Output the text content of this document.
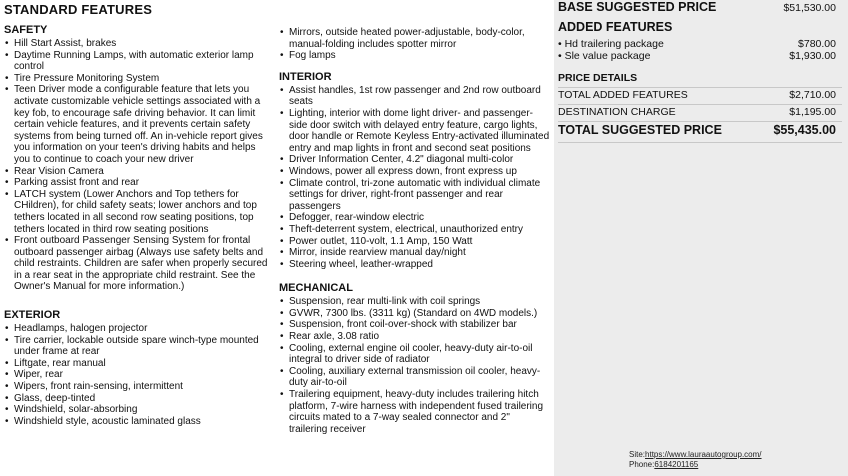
STANDARD FEATURES
SAFETY
• Hill Start Assist, brakes
• Daytime Running Lamps, with automatic exterior lamp control
• Tire Pressure Monitoring System
• Teen Driver mode a configurable feature that lets you activate customizable vehicle settings associated with a key fob, to encourage safe driving behavior. It can limit certain vehicle features, and it prevents certain safety systems from being turned off. An in-vehicle report gives you information on your teen's driving habits and helps you to continue to coach your new driver
• Rear Vision Camera
• Parking assist front and rear
• LATCH system (Lower Anchors and Top tethers for CHildren), for child safety seats; lower anchors and top tethers located in all second row seating positions, top tethers located in third row seating positions
• Front outboard Passenger Sensing System for frontal outboard passenger airbag (Always use safety belts and child restraints. Children are safer when properly secured in a rear seat in the appropriate child restraint. See the Owner's Manual for more information.)
EXTERIOR
• Headlamps, halogen projector
• Tire carrier, lockable outside spare winch-type mounted under frame at rear
• Liftgate, rear manual
• Wiper, rear
• Wipers, front rain-sensing, intermittent
• Glass, deep-tinted
• Windshield, solar-absorbing
• Windshield style, acoustic laminated glass
• Mirrors, outside heated power-adjustable, body-color, manual-folding includes spotter mirror
• Fog lamps
INTERIOR
• Assist handles, 1st row passenger and 2nd row outboard seats
• Lighting, interior with dome light driver- and passenger-side door switch with delayed entry feature, cargo lights, door handle or Remote Keyless Entry-activated illuminated entry and map lights in front and second seat positions
• Driver Information Center, 4.2" diagonal multi-color
• Windows, power all express down, front express up
• Climate control, tri-zone automatic with individual climate settings for driver, right-front passenger and rear passengers
• Defogger, rear-window electric
• Theft-deterrent system, electrical, unauthorized entry
• Power outlet, 110-volt, 1.1 Amp, 150 Watt
• Mirror, inside rearview manual day/night
• Steering wheel, leather-wrapped
MECHANICAL
• Suspension, rear multi-link with coil springs
• GVWR, 7300 lbs. (3311 kg) (Standard on 4WD models.)
• Suspension, front coil-over-shock with stabilizer bar
• Rear axle, 3.08 ratio
• Cooling, external engine oil cooler, heavy-duty air-to-oil integral to driver side of radiator
• Cooling, auxiliary external transmission oil cooler, heavy-duty air-to-oil
• Trailering equipment, heavy-duty includes trailering hitch platform, 7-wire harness with independent fused trailering circuits mated to a 7-way sealed connector and 2" trailering receiver
BASE SUGGESTED PRICE	$51,530.00
ADDED FEATURES
• Hd trailering package	$780.00
• Sle value package	$1,930.00
PRICE DETAILS
TOTAL ADDED FEATURES	$2,710.00
DESTINATION CHARGE	$1,195.00
TOTAL SUGGESTED PRICE	$55,435.00
Site:https://www.lauraautogroup.com/
Phone:6184201165
